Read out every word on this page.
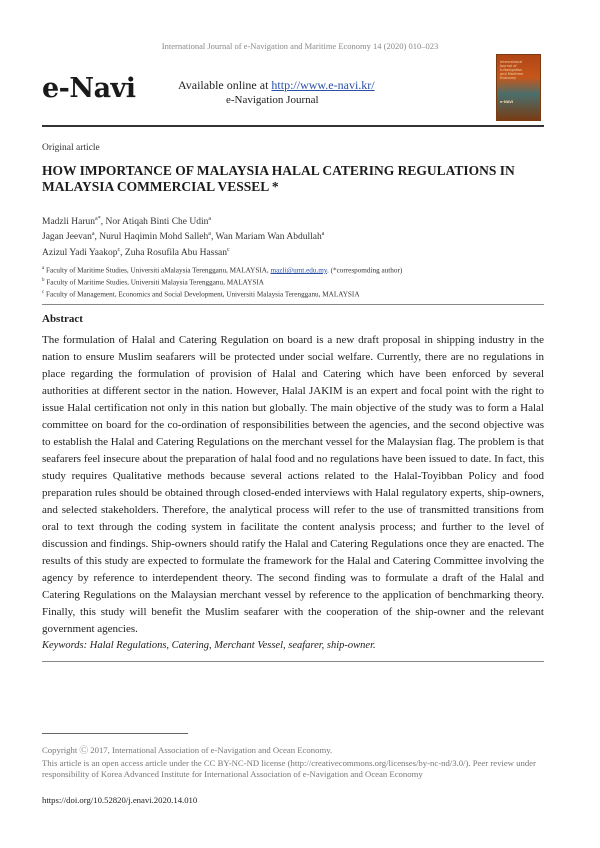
International Journal of e-Navigation and Maritime Economy 14 (2020) 010–023
e-Navi	Available online at http://www.e-navi.kr/
e-Navigation Journal
International
Journal of
e-Navigation
and Maritime
Economy
e-NAVI
Original article
HOW IMPORTANCE OF MALAYSIA HALAL CATERING REGULATIONS IN
MALAYSIA COMMERCIAL VESSEL *
Madzli Harun$^{a*}$, Nor Atiqah Binti Che Udin$^a$
Jagan Jeevan$^a$, Nurul Haqimin Mohd Salleh$^a$, Wan Mariam Wan Abdullah$^a$
Azizul Yadi Yaakop$^c$, Zuha Rosufila Abu Hassan$^c$
$^a$ Faculty of Maritime Studies, Universiti aMalaysia Terengganu, MALAYSIA, mazli@umt.edu.my. (*correspomding author)
$^b$ Faculty of Maritime Studies, Universiti Malaysia Terengganu, MALAYSIA
$^c$ Faculty of Management, Economics and Social Development, Universiti Malaysia Terengganu, MALAYSIA
Abstract
The formulation of Halal and Catering Regulation on board is a new draft proposal in shipping industry in the nation to ensure Muslim seafarers will be protected under social welfare. Currently, there are no regulations in place regarding the formulation of provision of Halal and Catering which have been enforced by several authorities at different sector in the nation. However, Halal JAKIM is an expert and focal point with the right to issue Halal certification not only in this nation but globally. The main objective of the study was to form a Halal committee on board for the co-ordination of responsibilities between the agencies, and the second objective was to establish the Halal and Catering Regulations on the merchant vessel for the Malaysian flag. The problem is that seafarers feel insecure about the preparation of halal food and no regulations have been issued to date. In fact, this study requires Qualitative methods because several actions related to the Halal-Toyibban Policy and food preparation rules should be obtained through closed-ended interviews with Halal regulatory experts, ship-owners, and selected stakeholders. Therefore, the analytical process will refer to the use of transmitted transitions from oral to text through the coding system in facilitate the content analysis process; and further to the level of discussion and findings. Ship-owners should ratify the Halal and Catering Regulations once they are enacted. The results of this study are expected to formulate the framework for the Halal and Catering Committee involving the agency by reference to interdependent theory. The second finding was to formulate a draft of the Halal and Catering Regulations on the Malaysian merchant vessel by reference to the application of benchmarking theory. Finally, this study will benefit the Muslim seafarer with the cooperation of the ship-owner and the relevant government agencies.
Keywords: Halal Regulations, Catering, Merchant Vessel, seafarer, ship-owner.
Copyright Ⓒ 2017, International Association of e-Navigation and Ocean Economy.
This article is an open access article under the CC BY-NC-ND license (http://creativecommons.org/licenses/by-nc-nd/3.0/). Peer review under responsibility of Korea Advanced Institute for International Association of e-Navigation and Ocean Economy
https://doi.org/10.52820/j.enavi.2020.14.010
